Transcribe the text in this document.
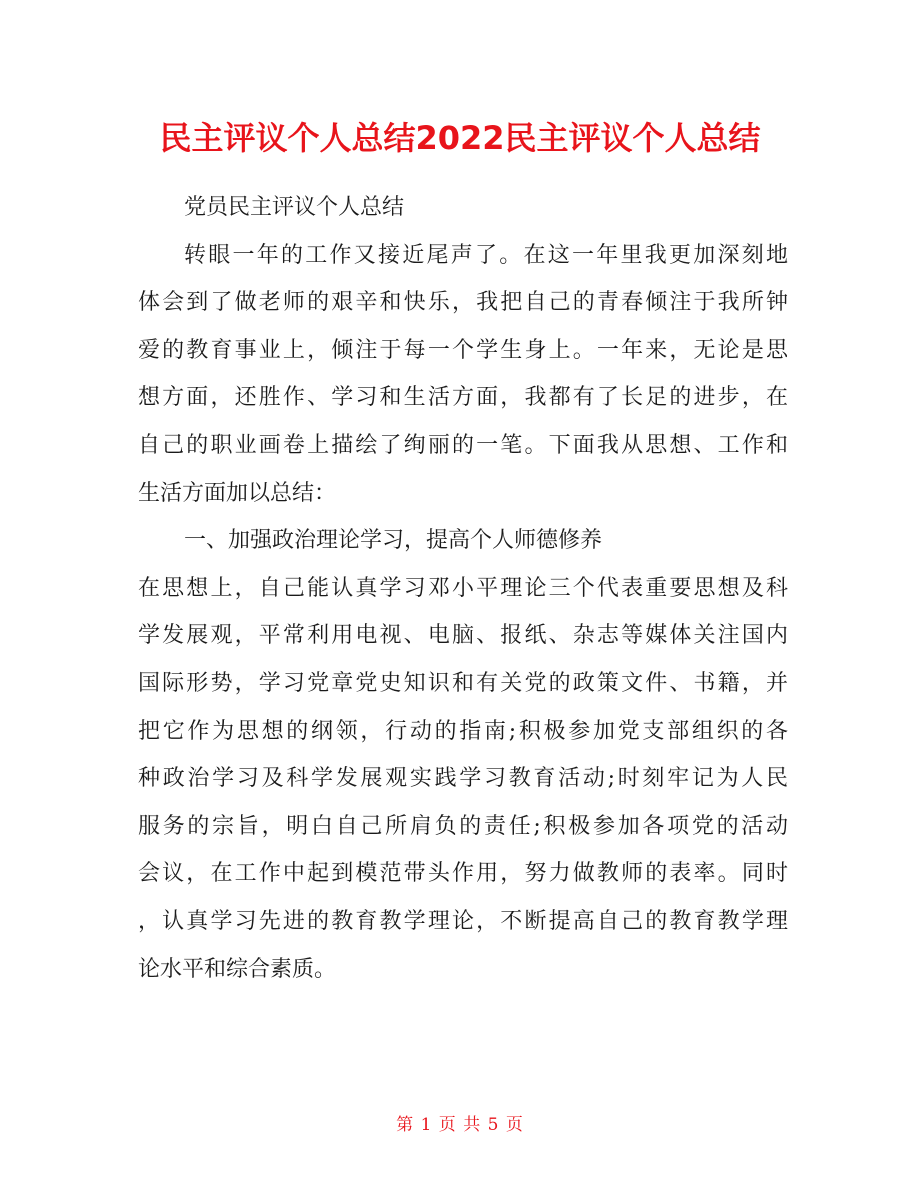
民主评议个人总结2022民主评议个人总结
党员民主评议个人总结
转眼一年的工作又接近尾声了。在这一年里我更加深刻地
体会到了做老师的艰辛和快乐，我把自己的青春倾注于我所钟
爱的教育事业上，倾注于每一个学生身上。一年来，无论是思
想方面，还胜作、学习和生活方面，我都有了长足的进步，在
自己的职业画卷上描绘了绚丽的一笔。下面我从思想、工作和
生活方面加以总结：
一、加强政治理论学习，提高个人师德修养
在思想上，自己能认真学习邓小平理论三个代表重要思想及科
学发展观，平常利用电视、电脑、报纸、杂志等媒体关注国内
国际形势，学习党章党史知识和有关党的政策文件、书籍，并
把它作为思想的纲领，行动的指南;积极参加党支部组织的各
种政治学习及科学发展观实践学习教育活动;时刻牢记为人民
服务的宗旨，明白自己所肩负的责任;积极参加各项党的活动
会议，在工作中起到模范带头作用，努力做教师的表率。同时
，认真学习先进的教育教学理论，不断提高自己的教育教学理
论水平和综合素质。
第 1 页 共 5 页
